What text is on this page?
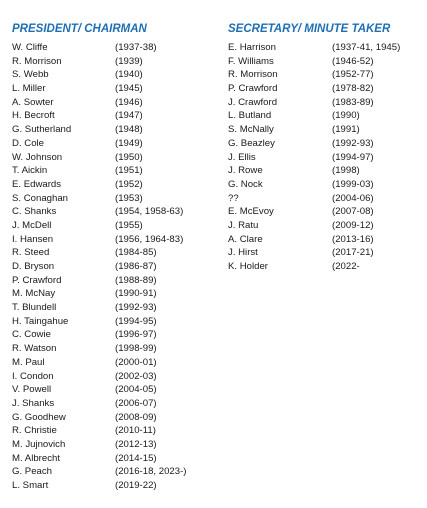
PRESIDENT/ CHAIRMAN
W. Cliffe	(1937-38)
R. Morrison	(1939)
S. Webb	(1940)
L. Miller	(1945)
A. Sowter	(1946)
H. Becroft	(1947)
G. Sutherland	(1948)
D. Cole	(1949)
W. Johnson	(1950)
T. Aickin	(1951)
E. Edwards	(1952)
S. Conaghan	(1953)
C. Shanks	(1954, 1958-63)
J. McDell	(1955)
I. Hansen	(1956, 1964-83)
R. Steed	(1984-85)
D. Bryson	(1986-87)
P. Crawford	(1988-89)
M. McNay	(1990-91)
T. Blundell	(1992-93)
H. Taingahue	(1994-95)
C. Cowie	(1996-97)
R. Watson	(1998-99)
M. Paul	(2000-01)
I. Condon	(2002-03)
V. Powell	(2004-05)
J. Shanks	(2006-07)
G. Goodhew	(2008-09)
R. Christie	(2010-11)
M. Jujnovich	(2012-13)
M. Albrecht	(2014-15)
G. Peach	(2016-18, 2023-)
L. Smart	(2019-22)
SECRETARY/ MINUTE TAKER
E. Harrison	(1937-41, 1945)
F. Williams	(1946-52)
R. Morrison	(1952-77)
P. Crawford	(1978-82)
J. Crawford	(1983-89)
L. Butland	(1990)
S. McNally	(1991)
G. Beazley	(1992-93)
J. Ellis	(1994-97)
J. Rowe	(1998)
G. Nock	(1999-03)
??	(2004-06)
E. McEvoy	(2007-08)
J. Ratu	(2009-12)
A. Clare	(2013-16)
J. Hirst	(2017-21)
K. Holder	(2022-
